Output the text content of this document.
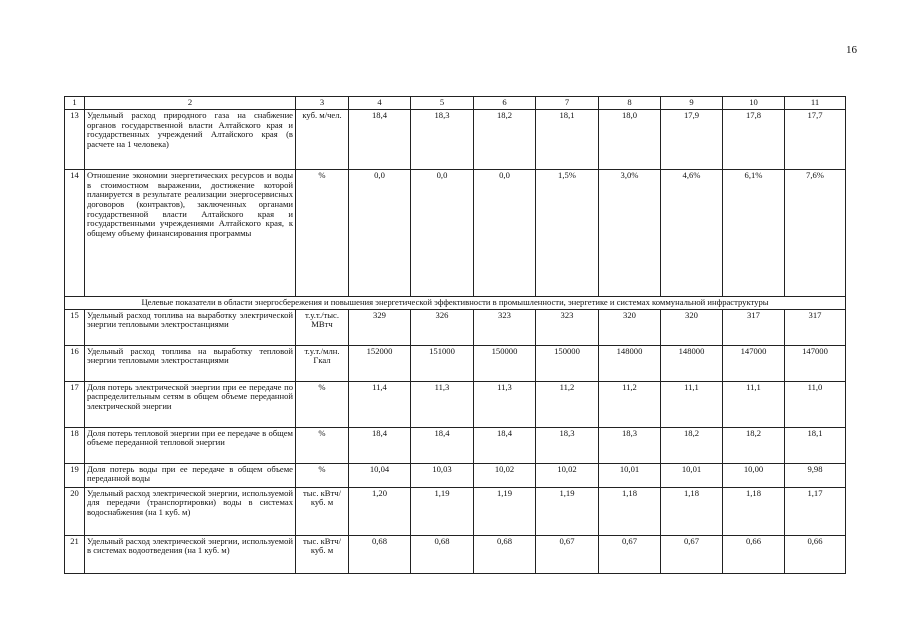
16
1	2	3	4	5	6	7	8	9	10	11
13	Удельный расход природного газа на снабжение органов государственной власти Алтайского края и государственных учреждений Алтайского края (в расчете на 1 человека)	куб. м/чел.	18,4	18,3	18,2	18,1	18,0	17,9	17,8	17,7
14	Отношение экономии энергетических ресурсов и воды в стоимостном выражении, достижение которой планируется в результате реализации энергосервисных договоров (контрактов), заключенных органами государственной власти Алтайского края и государственными учреждениями Алтайского края, к общему объему финансирования программы	%	0,0	0,0	0,0	1,5%	3,0%	4,6%	6,1%	7,6%
Целевые показатели в области энергосбережения и повышения энергетической эффективности в промышленности, энергетике и системах коммунальной инфраструктуры										
15	Удельный расход топлива на выработку электрической энергии тепловыми электростанциями	т.у.т./тыс. МВтч	329	326	323	323	320	320	317	317
16	Удельный расход топлива на выработку тепловой энергии тепловыми электростанциями	т.у.т./млн. Гкал	152000	151000	150000	150000	148000	148000	147000	147000
17	Доля потерь электрической энергии при ее передаче по распределительным сетям в общем объеме переданной электрической энергии	%	11,4	11,3	11,3	11,2	11,2	11,1	11,1	11,0
18	Доля потерь тепловой энергии при ее передаче в общем объеме переданной тепловой энергии	%	18,4	18,4	18,4	18,3	18,3	18,2	18,2	18,1
19	Доля потерь воды при ее передаче в общем объеме переданной воды	%	10,04	10,03	10,02	10,02	10,01	10,01	10,00	9,98
20	Удельный расход электрической энергии, используемой для передачи (транспортировки) воды в системах водоснабжения (на 1 куб. м)	тыс. кВтч/куб. м	1,20	1,19	1,19	1,19	1,18	1,18	1,18	1,17
21	Удельный расход электрической энергии, используемой в системах водоотведения (на 1 куб. м)	тыс. кВтч/куб. м	0,68	0,68	0,68	0,67	0,67	0,67	0,66	0,66
